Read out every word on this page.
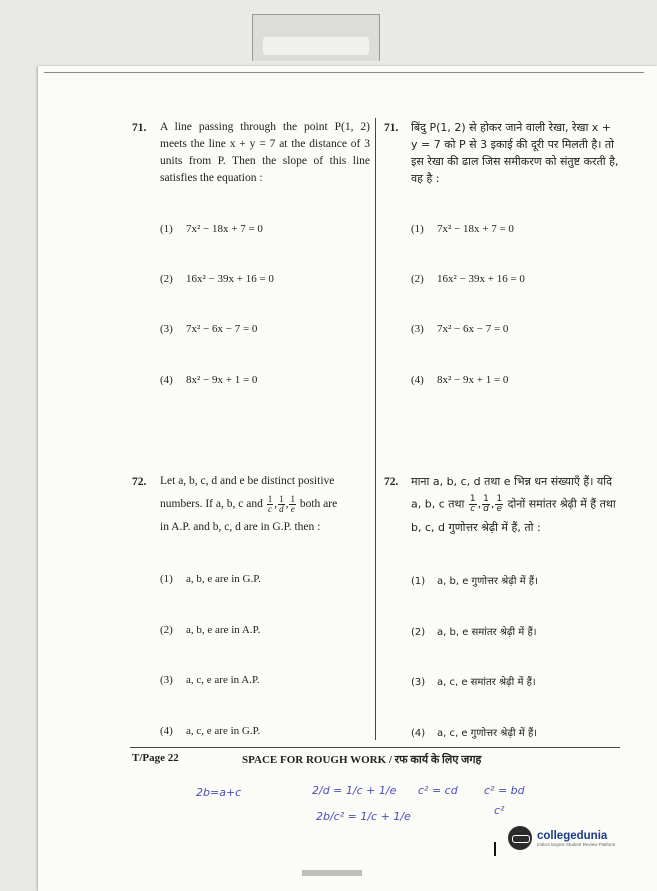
71. A line passing through the point P(1, 2) meets the line x + y = 7 at the distance of 3 units from P. Then the slope of this line satisfies the equation :
(1) 7x² − 18x + 7 = 0
(2) 16x² − 39x + 16 = 0
(3) 7x² − 6x − 7 = 0
(4) 8x² − 9x + 1 = 0
71. बिंदु P(1, 2) से होकर जाने वाली रेखा, रेखा x + y = 7 को P से 3 इकाई की दूरी पर मिलती है। तो इस रेखा की ढाल जिस समीकरण को संतुष्ट करती है, वह है :
(1) 7x² − 18x + 7 = 0
(2) 16x² − 39x + 16 = 0
(3) 7x² − 6x − 7 = 0
(4) 8x² − 9x + 1 = 0
72. Let a, b, c, d and e be distinct positive
numbers. If a, b, c and $\frac{1}{c}$ , $\frac{1}{d}$ , $\frac{1}{e}$ both are
in A.P. and b, c, d are in G.P. then :
(1) a, b, e are in G.P.
(2) a, b, e are in A.P.
(3) a, c, e are in A.P.
(4) a, c, e are in G.P.
72. माना a, b, c, d तथा e भिन्न धन संख्याएँ हैं। यदि
a, b, c तथा $\frac{1}{c}$ , $\frac{1}{d}$ , $\frac{1}{e}$ दोनों समांतर श्रेढ़ी में हैं तथा
b, c, d गुणोत्तर श्रेढ़ी में हैं, तो :
(1) a, b, e गुणोत्तर श्रेढ़ी में हैं।
(2) a, b, e समांतर श्रेढ़ी में हैं।
(3) a, c, e समांतर श्रेढ़ी में हैं।
(4) a, c, e गुणोत्तर श्रेढ़ी में हैं।
T/Page 22	SPACE FOR ROUGH WORK / रफ कार्य के लिए जगह
2b=a+c	2/d = 1/c + 1/e
2b/c² = 1/c + 1/e
c² = cd c² = bd
c²
collegedunia
India's largest Student Review Platform
